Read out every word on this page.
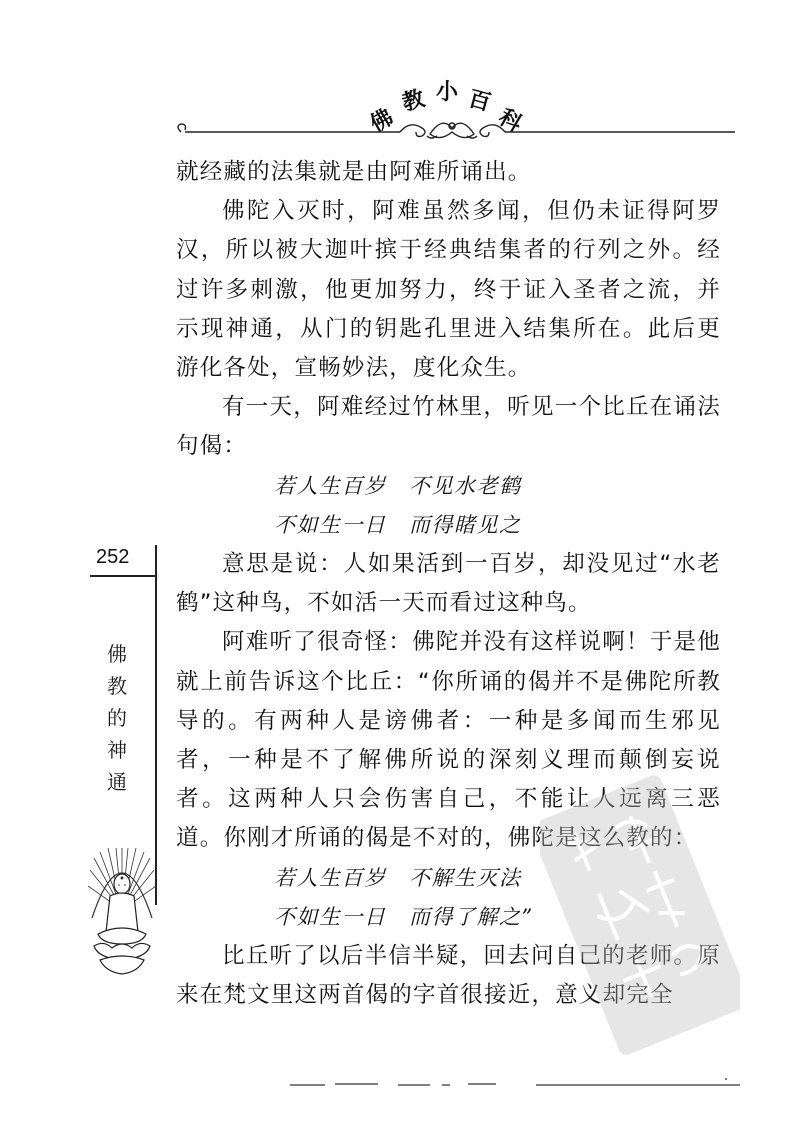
佛
教 小 百
科

就经藏的法集就是由阿难所诵出。

佛陀入灭时，阿难虽然多闻，但仍未证得阿罗汉，所以被大迦叶摈于经典结集者的行列之外。经过许多刺激，他更加努力，终于证入圣者之流，并示现神通，从门的钥匙孔里进入结集所在。此后更游化各处，宣畅妙法，度化众生。

有一天，阿难经过竹林里，听见一个比丘在诵法句偈：

若人生百岁　不见水老鹤

不如生一日　而得睹见之

意思是说：人如果活到一百岁，却没见过“水老鹤”这种鸟，不如活一天而看过这种鸟。

阿难听了很奇怪：佛陀并没有这样说啊！于是他就上前告诉这个比丘：“你所诵的偈并不是佛陀所教导的。有两种人是谤佛者：一种是多闻而生邪见者，一种是不了解佛所说的深刻义理而颠倒妄说者。这两种人只会伤害自己，不能让人远离三恶道。你刚才所诵的偈是不对的，佛陀是这么教的：

若人生百岁　不解生灭法

不如生一日　而得了解之”

比丘听了以后半信半疑，回去问自己的老师。原来在梵文里这两首偈的字首很接近，意义却完全

252
佛
教
的
神
通
